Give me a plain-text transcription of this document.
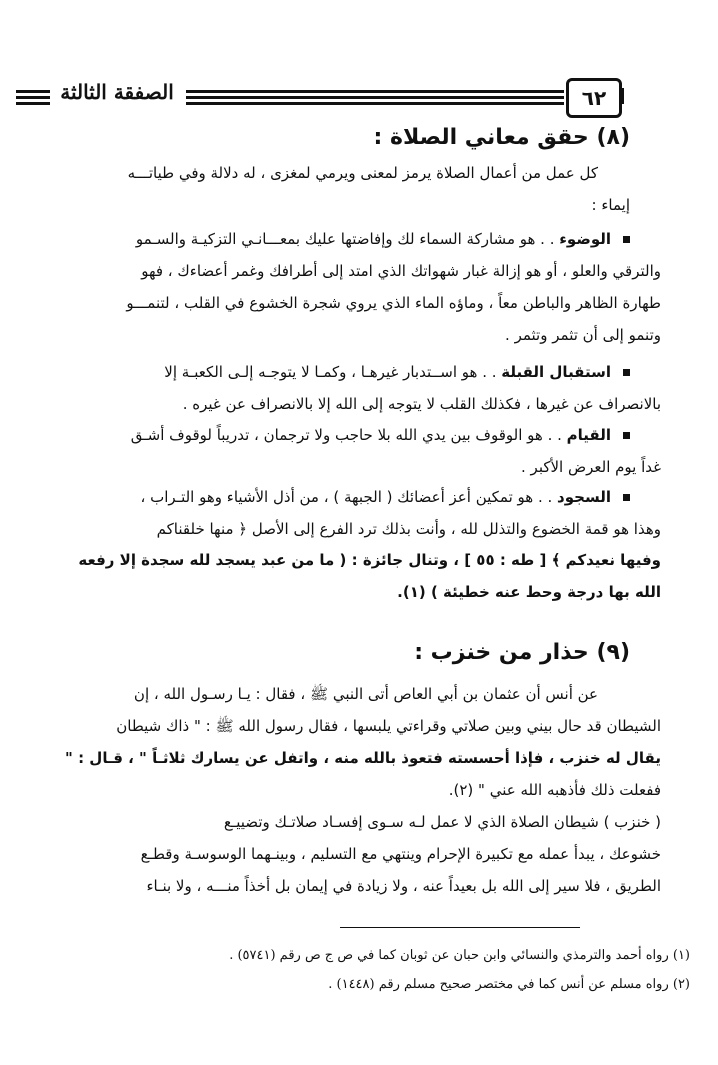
٦٢
الصفقة الثالثة
(٨) حقق معاني الصلاة :
كل عمل من أعمال الصلاة يرمز لمعنى ويرمي لمغزى ، له دلالة وفي طياتـــه
إيماء :
الوضوء . . هو مشاركة السماء لك وإفاضتها عليك بمعـــانـي التزكيـة والسـمو
والترقي والعلو ، أو هو إزالة غبار شهواتك الذي امتد إلى أطرافك وغمر أعضاءك ، فهو
طهارة الظاهر والباطن معاً ، وماؤه الماء الذي يروي شجرة الخشوع في القلب ، لتنمـــو
وتنمو إلى أن تثمر وتثمر .
استقبال القبلة . . هو اســتدبار غيرهـا ، وكمـا لا يتوجـه إلـى الكعبـة إلا
بالانصراف عن غيرها ، فكذلك القلب لا يتوجه إلى الله إلا بالانصراف عن غيره .
القيام . . هو الوقوف بين يدي الله بلا حاجب ولا ترجمان ، تدريباً لوقوف أشـق
غداً يوم العرض الأكبر .
السجود . . هو تمكين أعز أعضائك ( الجبهة ) ، من أذل الأشياء وهو التـراب ،
وهذا هو قمة الخضوع والتذلل لله ، وأنت بذلك ترد الفرع إلى الأصل ﴿ منها خلقناكم
وفيها نعيدكم ﴾ [ طه : ٥٥ ] ، وتنال جائزة : ( ما من عبد يسجد لله سجدة إلا رفعه
الله بها درجة وحط عنه خطيئة ) (١).
(٩) حذار من خنزب :
عن أنس أن عثمان بن أبي العاص أتى النبي ﷺ ، فقال : يـا رسـول الله ، إن
الشيطان قد حال بيني وبين صلاتي وقراءتي يلبسها ، فقال رسول الله ﷺ : " ذاك شيطان
يقال له خنزب ، فإذا أحسسته فتعوذ بالله منه ، واتفل عن يسارك ثلاثـاً " ، قـال : "
ففعلت ذلك فأذهبه الله عني " (٢).
( خنزب ) شيطان الصلاة الذي لا عمل لـه سـوى إفسـاد صلاتـك وتضييـع
خشوعك ، يبدأ عمله مع تكبيرة الإحرام وينتهي مع التسليم ، وبينـهما الوسوسـة وقطـع
الطريق ، فلا سير إلى الله بل بعيداً عنه ، ولا زيادة في إيمان بل أخذاً منـــه ، ولا بنـاء
(١) رواه أحمد والترمذي والنسائي وابن حبان عن ثوبان كما في ص ج ص رقم (٥٧٤١) .
(٢) رواه مسلم عن أنس كما في مختصر صحيح مسلم رقم (١٤٤٨) .
